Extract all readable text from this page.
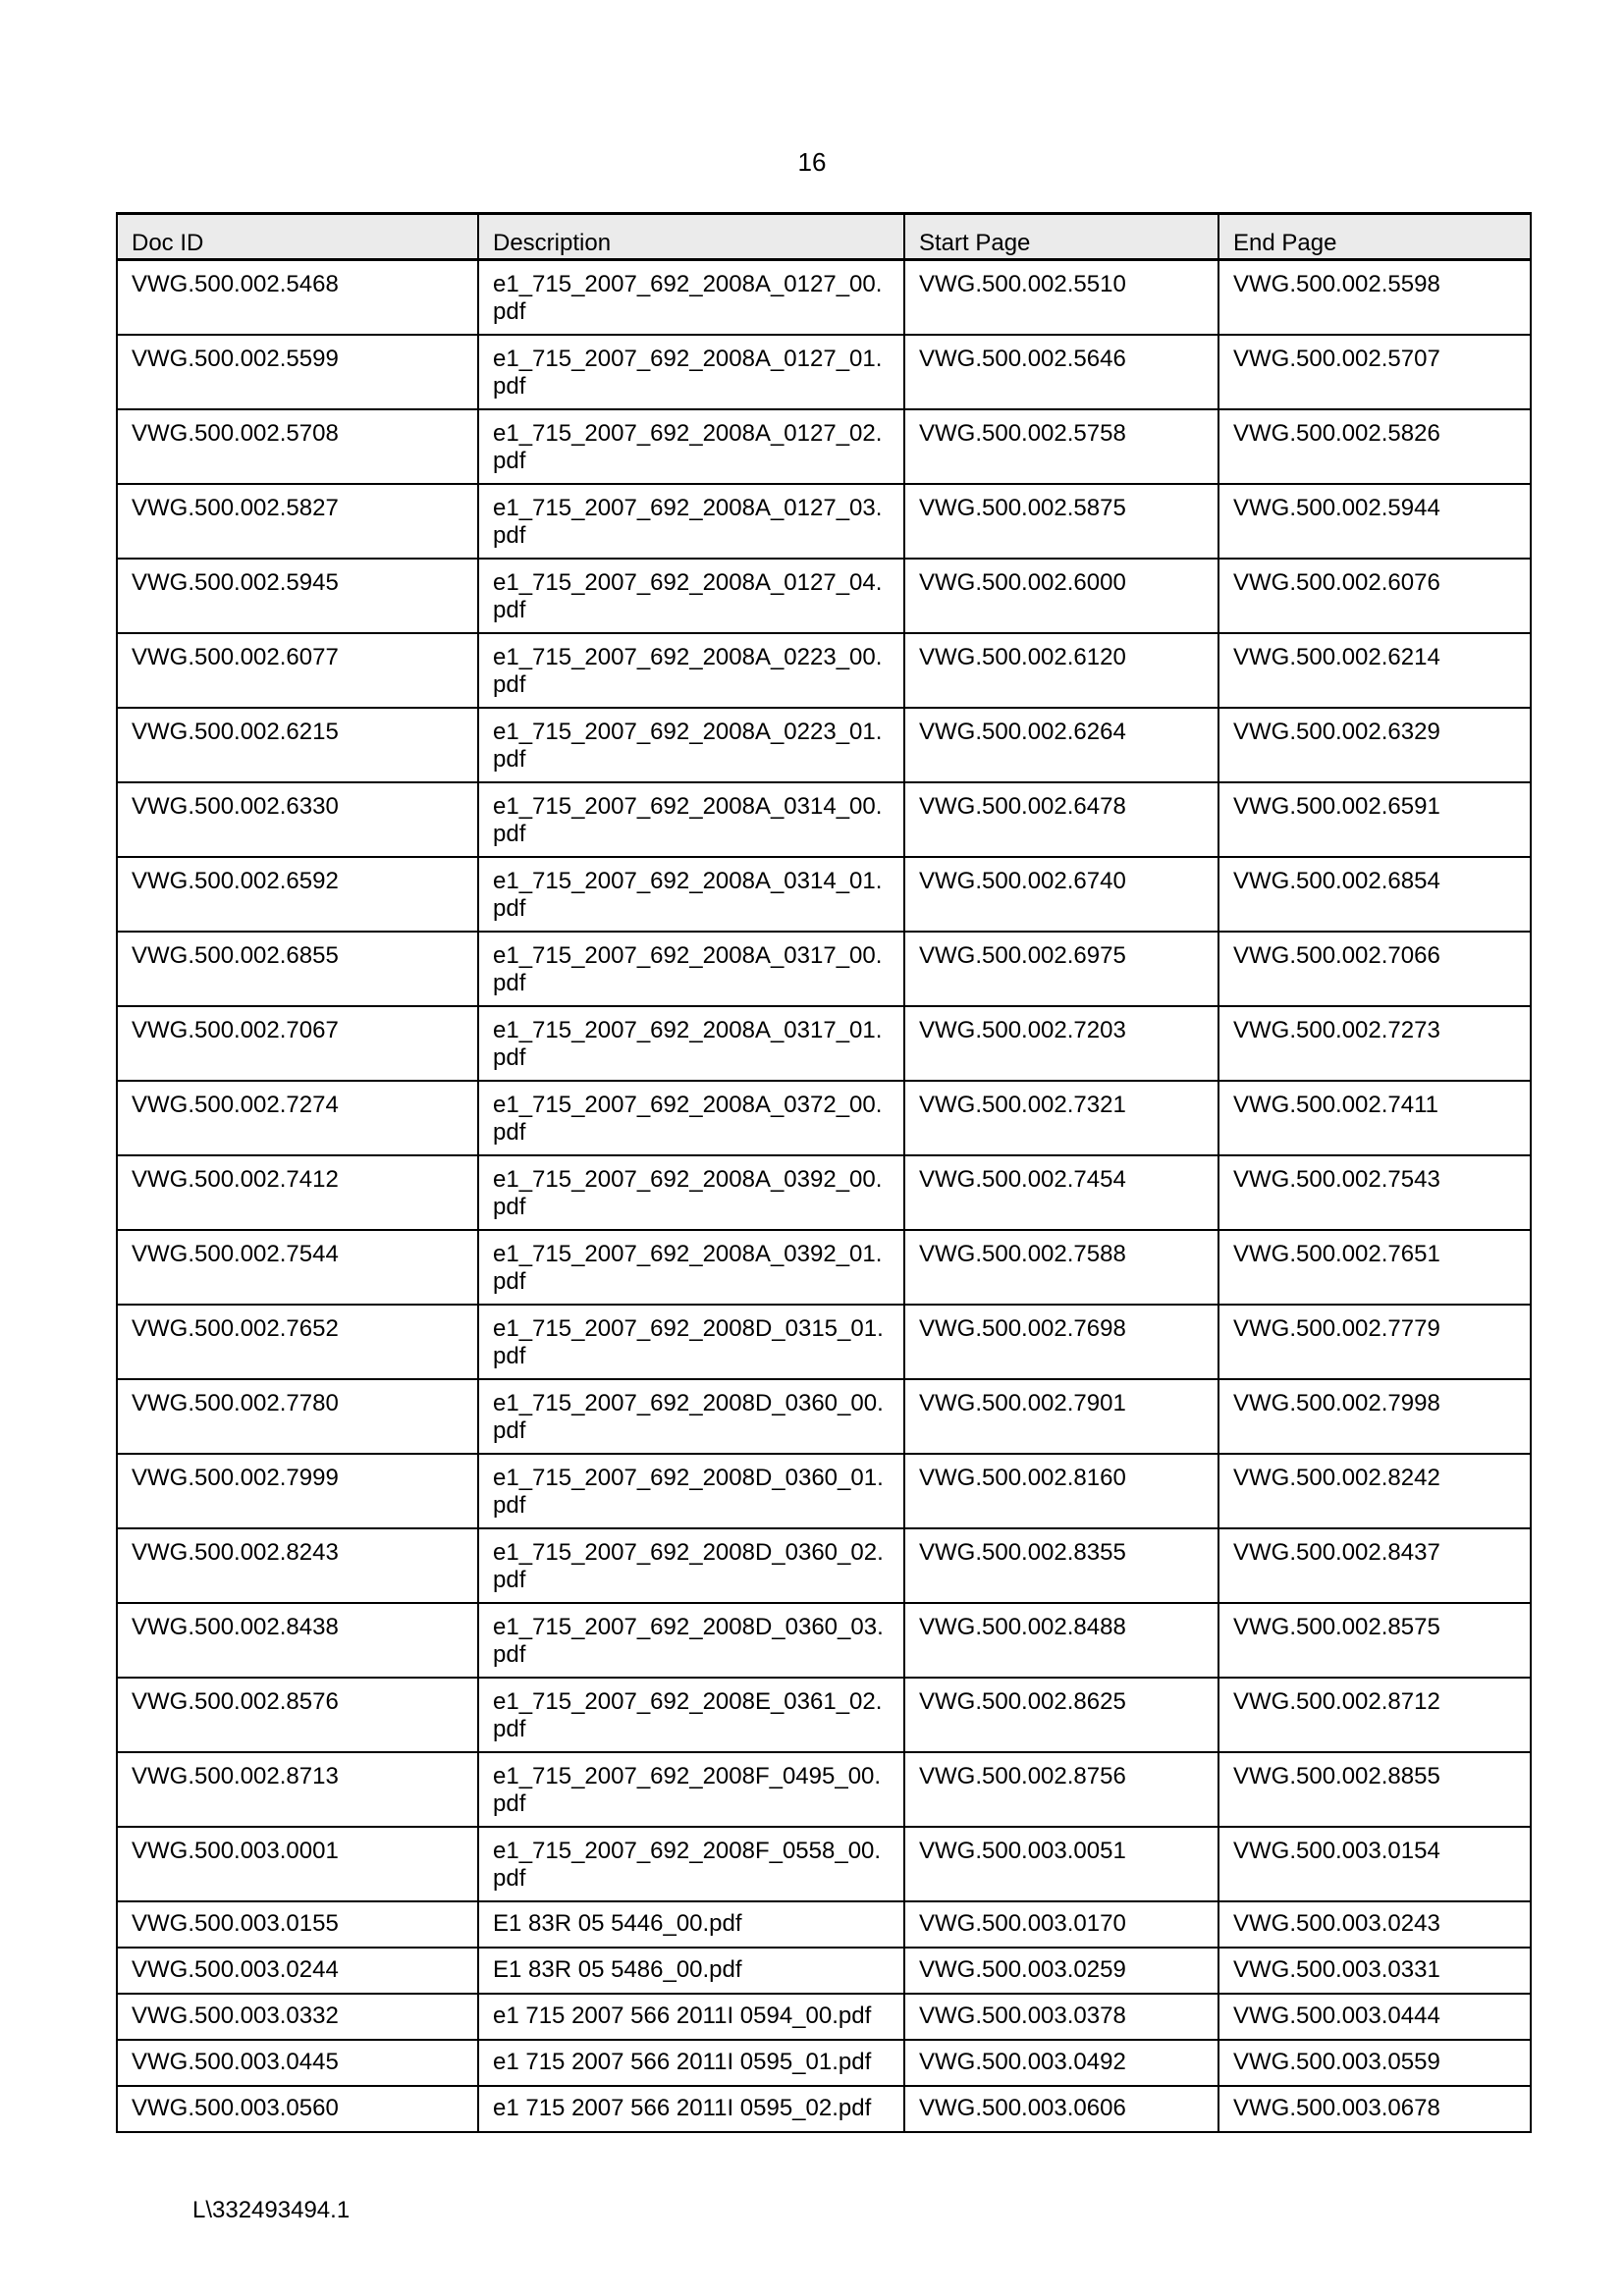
16
Doc ID	Description	Start Page	End Page
VWG.500.002.5468	e1_715_2007_692_2008A_0127_00.pdf	VWG.500.002.5510	VWG.500.002.5598
VWG.500.002.5599	e1_715_2007_692_2008A_0127_01.pdf	VWG.500.002.5646	VWG.500.002.5707
VWG.500.002.5708	e1_715_2007_692_2008A_0127_02.pdf	VWG.500.002.5758	VWG.500.002.5826
VWG.500.002.5827	e1_715_2007_692_2008A_0127_03.pdf	VWG.500.002.5875	VWG.500.002.5944
VWG.500.002.5945	e1_715_2007_692_2008A_0127_04.pdf	VWG.500.002.6000	VWG.500.002.6076
VWG.500.002.6077	e1_715_2007_692_2008A_0223_00.pdf	VWG.500.002.6120	VWG.500.002.6214
VWG.500.002.6215	e1_715_2007_692_2008A_0223_01.pdf	VWG.500.002.6264	VWG.500.002.6329
VWG.500.002.6330	e1_715_2007_692_2008A_0314_00.pdf	VWG.500.002.6478	VWG.500.002.6591
VWG.500.002.6592	e1_715_2007_692_2008A_0314_01.pdf	VWG.500.002.6740	VWG.500.002.6854
VWG.500.002.6855	e1_715_2007_692_2008A_0317_00.pdf	VWG.500.002.6975	VWG.500.002.7066
VWG.500.002.7067	e1_715_2007_692_2008A_0317_01.pdf	VWG.500.002.7203	VWG.500.002.7273
VWG.500.002.7274	e1_715_2007_692_2008A_0372_00.pdf	VWG.500.002.7321	VWG.500.002.7411
VWG.500.002.7412	e1_715_2007_692_2008A_0392_00.pdf	VWG.500.002.7454	VWG.500.002.7543
VWG.500.002.7544	e1_715_2007_692_2008A_0392_01.pdf	VWG.500.002.7588	VWG.500.002.7651
VWG.500.002.7652	e1_715_2007_692_2008D_0315_01.pdf	VWG.500.002.7698	VWG.500.002.7779
VWG.500.002.7780	e1_715_2007_692_2008D_0360_00.pdf	VWG.500.002.7901	VWG.500.002.7998
VWG.500.002.7999	e1_715_2007_692_2008D_0360_01.pdf	VWG.500.002.8160	VWG.500.002.8242
VWG.500.002.8243	e1_715_2007_692_2008D_0360_02.pdf	VWG.500.002.8355	VWG.500.002.8437
VWG.500.002.8438	e1_715_2007_692_2008D_0360_03.pdf	VWG.500.002.8488	VWG.500.002.8575
VWG.500.002.8576	e1_715_2007_692_2008E_0361_02.pdf	VWG.500.002.8625	VWG.500.002.8712
VWG.500.002.8713	e1_715_2007_692_2008F_0495_00.pdf	VWG.500.002.8756	VWG.500.002.8855
VWG.500.003.0001	e1_715_2007_692_2008F_0558_00.pdf	VWG.500.003.0051	VWG.500.003.0154
VWG.500.003.0155	E1 83R 05 5446_00.pdf	VWG.500.003.0170	VWG.500.003.0243
VWG.500.003.0244	E1 83R 05 5486_00.pdf	VWG.500.003.0259	VWG.500.003.0331
VWG.500.003.0332	e1 715 2007 566 2011I 0594_00.pdf	VWG.500.003.0378	VWG.500.003.0444
VWG.500.003.0445	e1 715 2007 566 2011I 0595_01.pdf	VWG.500.003.0492	VWG.500.003.0559
VWG.500.003.0560	e1 715 2007 566 2011I 0595_02.pdf	VWG.500.003.0606	VWG.500.003.0678
L\332493494.1
